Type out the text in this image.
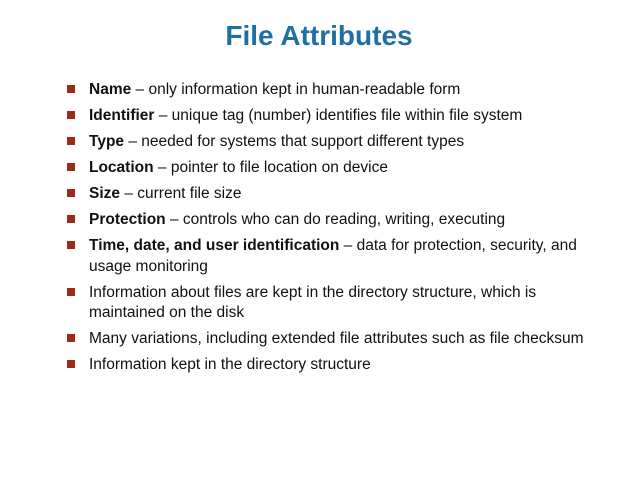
File Attributes
Name – only information kept in human-readable form
Identifier – unique tag (number) identifies file within file system
Type – needed for systems that support different types
Location – pointer to file location on device
Size – current file size
Protection – controls who can do reading, writing, executing
Time, date, and user identification – data for protection, security, and usage monitoring
Information about files are kept in the directory structure, which is maintained on the disk
Many variations, including extended file attributes such as file checksum
Information kept in the directory structure
